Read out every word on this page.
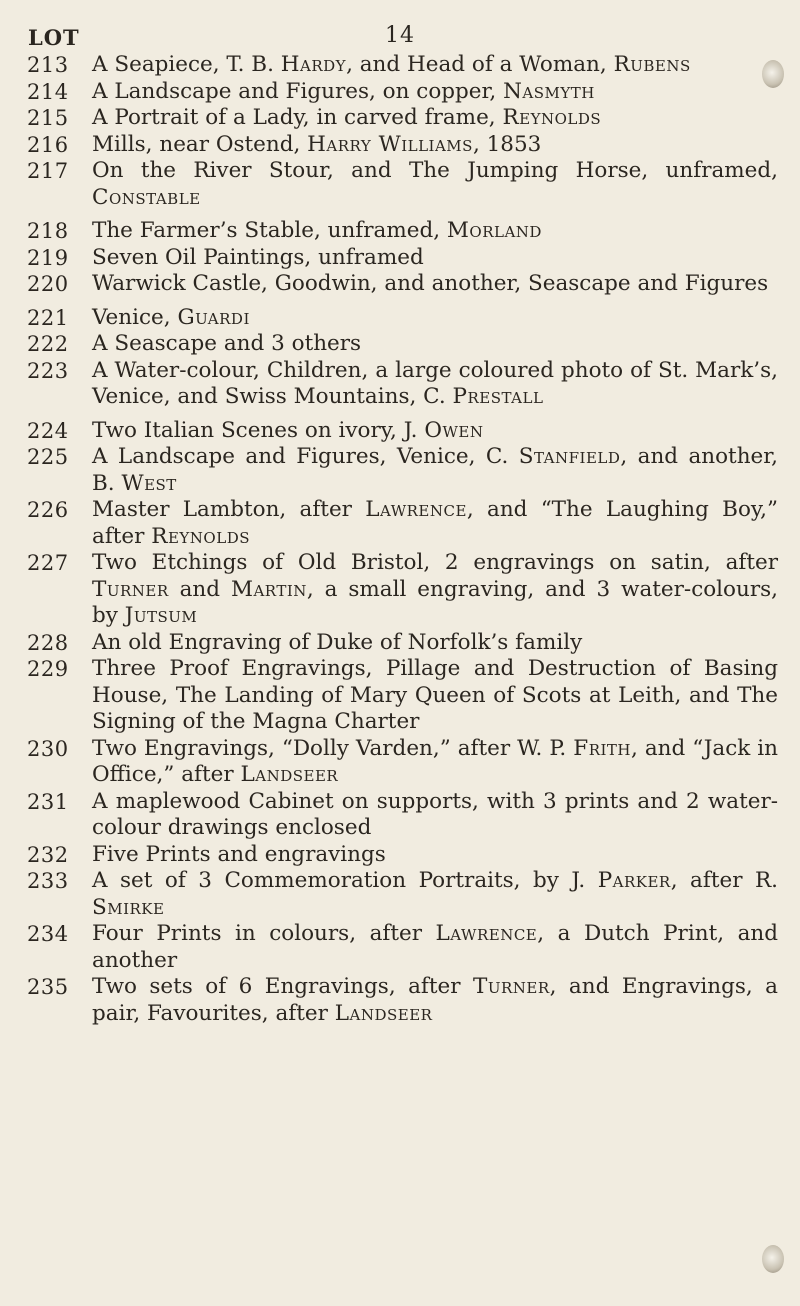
14
LOT
213 A Seapiece, T. B. Hardy, and Head of a Woman, Rubens
214 A Landscape and Figures, on copper, Nasmyth
215 A Portrait of a Lady, in carved frame, Reynolds
216 Mills, near Ostend, Harry Williams, 1853
217 On the River Stour, and The Jumping Horse, unframed, Constable
218 The Farmer’s Stable, unframed, Morland
219 Seven Oil Paintings, unframed
220 Warwick Castle, Goodwin, and another, Seascape and Figures
221 Venice, Guardi
222 A Seascape and 3 others
223 A Water-colour, Children, a large coloured photo of St. Mark’s, Venice, and Swiss Mountains, C. Prestall
224 Two Italian Scenes on ivory, J. Owen
225 A Landscape and Figures, Venice, C. Stanfield, and another, B. West
226 Master Lambton, after Lawrence, and “The Laughing Boy,” after Reynolds
227 Two Etchings of Old Bristol, 2 engravings on satin, after Turner and Martin, a small engraving, and 3 water-colours, by Jutsum
228 An old Engraving of Duke of Norfolk’s family
229 Three Proof Engravings, Pillage and Destruction of Basing House, The Landing of Mary Queen of Scots at Leith, and The Signing of the Magna Charter
230 Two Engravings, “Dolly Varden,” after W. P. Frith, and “Jack in Office,” after Landseer
231 A maplewood Cabinet on supports, with 3 prints and 2 water-colour drawings enclosed
232 Five Prints and engravings
233 A set of 3 Commemoration Portraits, by J. Parker, after R. Smirke
234 Four Prints in colours, after Lawrence, a Dutch Print, and another
235 Two sets of 6 Engravings, after Turner, and Engravings, a pair, Favourites, after Landseer
